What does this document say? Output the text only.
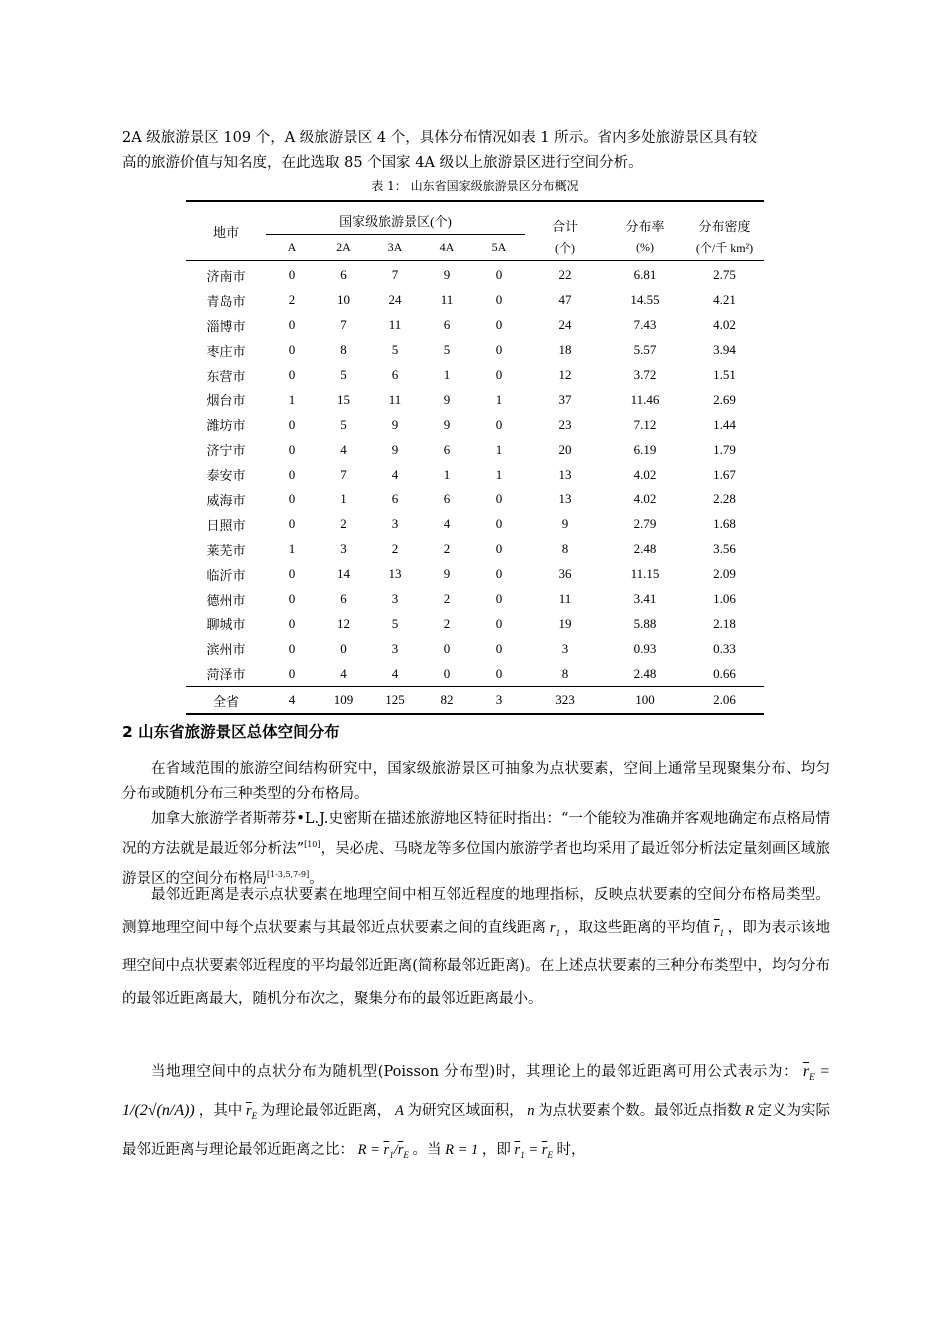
2A 级旅游景区 109 个，A 级旅游景区 4 个，具体分布情况如表 1 所示。省内多处旅游景区具有较
高的旅游价值与知名度，在此选取 85 个国家 4A 级以上旅游景区进行空间分析。
表 1： 山东省国家级旅游景区分布概况
地市	国家级旅游景区(个)					合计	分布率	分布密度
	A	2A	3A	4A	5A	(个)	(%)	(个/千 km²)
济南市	0	6	7	9	0	22	6.81	2.75
青岛市	2	10	24	11	0	47	14.55	4.21
淄博市	0	7	11	6	0	24	7.43	4.02
枣庄市	0	8	5	5	0	18	5.57	3.94
东营市	0	5	6	1	0	12	3.72	1.51
烟台市	1	15	11	9	1	37	11.46	2.69
潍坊市	0	5	9	9	0	23	7.12	1.44
济宁市	0	4	9	6	1	20	6.19	1.79
泰安市	0	7	4	1	1	13	4.02	1.67
威海市	0	1	6	6	0	13	4.02	2.28
日照市	0	2	3	4	0	9	2.79	1.68
莱芜市	1	3	2	2	0	8	2.48	3.56
临沂市	0	14	13	9	0	36	11.15	2.09
德州市	0	6	3	2	0	11	3.41	1.06
聊城市	0	12	5	2	0	19	5.88	2.18
滨州市	0	0	3	0	0	3	0.93	0.33
菏泽市	0	4	4	0	0	8	2.48	0.66
全省	4	109	125	82	3	323	100	2.06
2 山东省旅游景区总体空间分布
在省域范围的旅游空间结构研究中，国家级旅游景区可抽象为点状要素，空间上通常呈现聚集分布、均匀分布或随机分布三种类型的分布格局。
加拿大旅游学者斯蒂芬•L.J.史密斯在描述旅游地区特征时指出：“一个能较为准确并客观地确定布点格局情况的方法就是最近邻分析法”[10]，吴必虎、马晓龙等多位国内旅游学者也均采用了最近邻分析法定量刻画区域旅游景区的空间分布格局[1-3,5,7-9]。
最邻近距离是表示点状要素在地理空间中相互邻近程度的地理指标，反映点状要素的空间分布格局类型。测算地理空间中每个点状要素与其最邻近点状要素之间的直线距离 $r_1$ ，取这些距离的平均值 $\overline{r}_1$ ，即为表示该地理空间中点状要素邻近程度的平均最邻近距离(简称最邻近距离)。在上述点状要素的三种分布类型中，均匀分布的最邻近距离最大，随机分布次之，聚集分布的最邻近距离最小。
当地理空间中的点状分布为随机型(Poisson 分布型)时，其理论上的最邻近距离可用公式表示为： $\overline{r}_E = 1/(2√(n/A))$ ，其中 $\overline{r}_E$ 为理论最邻近距离， A 为研究区域面积， n 为点状要素个数。最邻近点指数 R 定义为实际最邻近距离与理论最邻近距离之比： $R = \overline{r}_1/\overline{r}_E$ 。当 R = 1 ，即 $\overline{r}_1 = \overline{r}_E$ 时，
